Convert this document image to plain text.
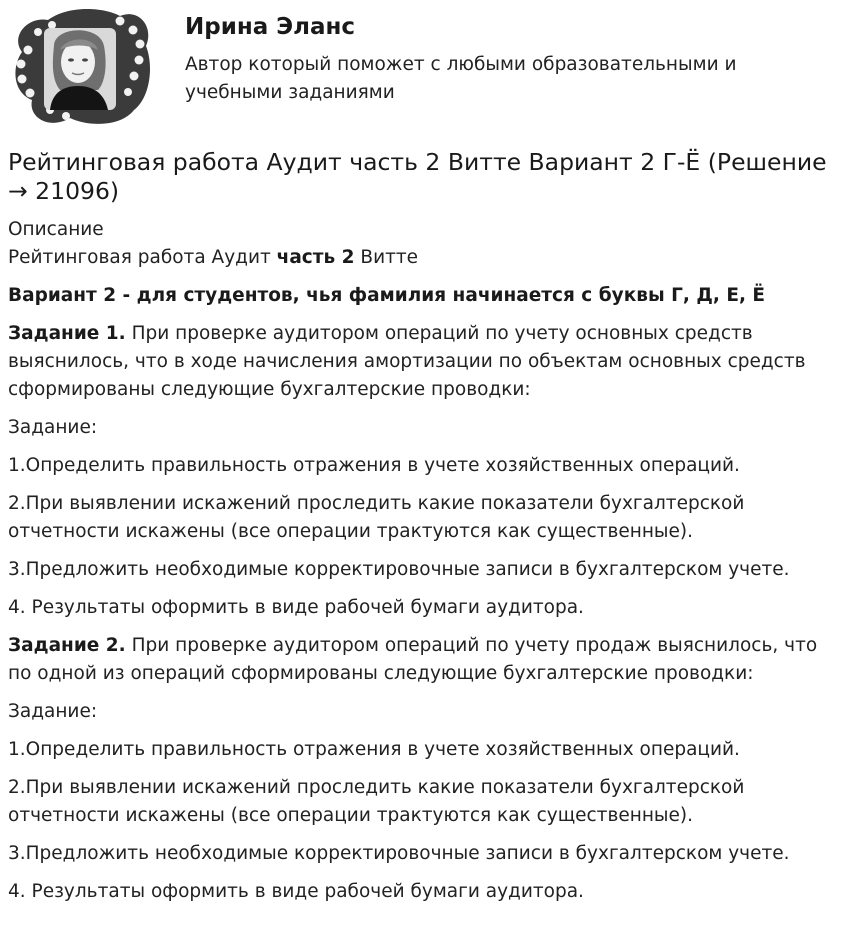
Ирина Эланс
Автор который поможет с любыми образовательными и учебными заданиями
Рейтинговая работа Аудит часть 2 Витте Вариант 2 Г-Ё (Решение → 21096)

Описание

Рейтинговая работа Аудит часть 2 Витте

Вариант 2 - для студентов, чья фамилия начинается с буквы Г, Д, Е, Ё

Задание 1. При проверке аудитором операций по учету основных средств выяснилось, что в ходе начисления амортизации по объектам основных средств сформированы следующие бухгалтерские проводки:

Задание:

1.Определить правильность отражения в учете хозяйственных операций.

2.При выявлении искажений проследить какие показатели бухгалтерской отчетности искажены (все операции трактуются как существенные).

3.Предложить необходимые корректировочные записи в бухгалтерском учете.

4. Результаты оформить в виде рабочей бумаги аудитора.

Задание 2. При проверке аудитором операций по учету продаж выяснилось, что по одной из операций сформированы следующие бухгалтерские проводки:

Задание:

1.Определить правильность отражения в учете хозяйственных операций.

2.При выявлении искажений проследить какие показатели бухгалтерской отчетности искажены (все операции трактуются как существенные).

3.Предложить необходимые корректировочные записи в бухгалтерском учете.

4. Результаты оформить в виде рабочей бумаги аудитора.
